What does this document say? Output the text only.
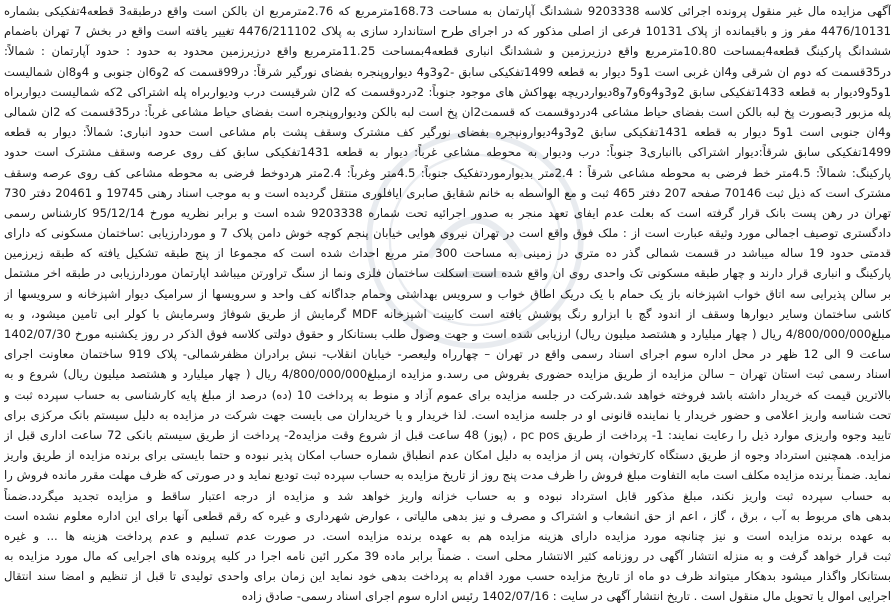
آگهی مزایده مال غیر منقول پرونده اجرائی کلاسه 9203338 ششدانگ آپارتمان به مساحت 168.73مترمربع که 2.76مترمربع ان بالکن است واقع درطبقه3 قطعه4تفکیکی بشماره
4476/10131 مفر وز و باقیمانده از پلاک 10131 فرعی از اصلی مذکور که در اجرای طرح استاندارد سازی به پلاک 4476/211102 تغییر یافته است واقع در بخش 7 تهران باضمام
ششدانگ پارکینگ قطعه4بمساحت 10.80مترمربع واقع درزیرزمین و ششدانگ انباری قطعه4بمساحت 11.25مترمربع واقع درزیرزمین محدود به حدود : حدود آپارتمان : شمالاً:
در35قسمت که دوم ان شرقی و4ان غربی است 1و5 دیوار به قطعه 1499تفکیکی سابق -2و3و4 دیواروپنجره بفضای نورگیر شرقاً: در99قسمت که 2و6ان جنوبی و 4و8ان شمالیست
1و5و9دیوار به قطعه 1433تفکیکی سابق 2و3و4و6و7و8دیواردریچه بهواکش های موجود جنوباً: 2دردوقسمت که 2ان شرقیست درب ودیواربراه پله اشتراکی 2که شمالیست دیواربراه
پله مزبور 3بصورت پخ لبه بالکن است بفضای حیاط مشاعی 4دردوقسمت که قسمت2ان پخ است لبه بالکن ودیواروپنجره است بفضای حیاط مشاعی غرباً: در35قسمت که 2ان شمالی
و4ان جنوبی است 1و5 دیوار به قطعه 1431تفکیکی سابق 2و3و4دیوارونپجره بفضای نورگیر کف مشترک وسقف پشت بام مشاعی است حدود انباری: شمالاً: دیوار به قطعه
1499تفکیکی سابق شرقاً:دیوار اشتراکی باانباری3 جنوباً: درب ودیوار به محوطه مشاعی غرباً: دیوار به قطعه 1431تفکیکی سابق کف روی عرصه وسقف مشترک است حدود
پارکینگ: شمالاً: 4.5متر خط فرضی به محوطه مشاعی شرقاً : 2.4متر بدیوارموردتفکیک جنوباً: 4.5متر وغرباً: 2.4متر هردوخط فرضی به محوطه مشاعی کف روی عرصه وسقف
مشترک است که ذیل ثبت 70146 صفحه 207 دفتر 465 ثبت و مع الواسطه به خانم شقایق صابری ایافلوری منتقل گردیده است و به موجب اسناد رهنی 19745 و 20461 دفتر 730
تهران در رهن پست بانک قرار گرفته است که بعلت عدم ایفای تعهد منجر به صدور اجرائیه تحت شماره 9203338 شده است و برابر نظریه مورخ 95/12/14 کارشناس رسمی
دادگستری توصیف اجمالی مورد وثیقه عبارت است از : ملک فوق واقع است در تهران نیروی هوایی خیابان پنجم کوچه خوش دامن پلاک 7 و موردارزیابی :ساختمان مسکونی که دارای
قدمتی حدود 19 ساله میباشد در قسمت شمالی گذر ده متری در زمینی به مساحت 300 متر مربع احداث شده است که مجموعا از پنج طبقه تشکیل یافته که طبقه زیرزمین
پارکینگ و انباری قرار دارند و چهار طبقه مسکونی تک واحدی روی ان واقع شده است اسکلت ساختمان فلزی ونما از سنگ تراورتن میباشد اپارتمان موردارزیابی در طبقه اخر مشتمل
بر سالن پذیرایی سه اتاق خواب اشپزخانه باز یک حمام با یک دریک اطاق خواب و سرویس بهداشتی وحمام جداگانه کف واحد و سرویسها از سرامیک دیوار اشپزخانه و سرویسها از
کاشی ساختمان وسایر دیوارها وسقف از اندود گچ با ابزارو رنگ پوشش یافته است کابینت اشپزخانه MDF گرمایش از طریق شوفاژ وسرمایش با کولر ابی تامین میشود، و به
مبلغ4/800/000/000 ریال ( چهار میلیارد و هشتصد میلیون ریال) ارزیابی شده است و جهت وصول طلب بستانکار و حقوق دولتی کلاسه فوق الذکر در روز یکشنبه مورخ 1402/07/30
ساعت 9 الی 12 ظهر در محل اداره سوم اجرای اسناد رسمی واقع در تهران – چهارراه ولیعصر- خیابان انقلاب- نبش برادران مظفرشمالی- پلاک 919 ساختمان معاونت اجرای
اسناد رسمی ثبت استان تهران – سالن مزایده از طریق مزایده حضوری بفروش می رسد.و مزایده ازمبلغ4/800/000/000 ریال ( چهار میلیارد و هشتصد میلیون ریال) شروع و به
بالاترین قیمت که خریدار داشته باشد فروخته خواهد شد.شرکت در جلسه مزایده برای عموم آزاد و منوط به پرداخت 10 (ده) درصد از مبلغ پایه کارشناسی به حساب سپرده ثبت و
تحت شناسه واریز اعلامی و حضور خریدار یا نماینده قانونی او در جلسه مزایده است. لذا خریدار و یا خریداران می بایست جهت شرکت در مزایده به دلیل سیستم بانک مرکزی برای
تایید وجوه واریزی موارد ذیل را رعایت نمایند: 1- پرداخت از طریق pc pos ، (پوز) 48 ساعت قبل از شروع وقت مزایده2- پرداخت از طریق سیستم بانکی 72 ساعت اداری قبل از
مزایده. همچنین استرداد وجوه از طریق دستگاه کارتخوان، پس از مزایده به دلیل امکان عدم انطباق شماره حساب امکان پذیر نبوده و حتما بایستی برای برنده مزایده از طریق واریز
نماید. ضمناً برنده مزایده مکلف است مابه التفاوت مبلغ فروش را ظرف مدت پنج روز از تاریخ مزایده به حساب سپرده ثبت تودیع نماید و در صورتی که ظرف مهلت مقرر مانده فروش را
به حساب سپرده ثبت واریز نکند، مبلغ مذکور قابل استرداد نبوده و به حساب خزانه واریز خواهد شد و مزایده از درجه اعتبار ساقط و مزایده تجدید میگردد.ضمناً
بدهی های مربوط به آب ، برق ، گاز ، اعم از حق انشعاب و اشتراک و مصرف و نیز بدهی مالیاتی ، عوارض شهرداری و غیره که رقم قطعی آنها برای این اداره معلوم نشده است
به عهده برنده مزایده است و نیز چنانچه مورد مزایده دارای هزینه مزایده هم به عهده برنده مزایده است. در صورت عدم تسلیم و عدم پرداخت هزینه ها ... و غیره
ثبت قرار خواهد گرفت و به منزله انتشار آگهی در روزنامه کثیر الانتشار محلی است . ضمناً برابر ماده 39 مکرر ائین نامه اجرا در کلیه پرونده های اجرایی که مال مورد مزایده به
بستانکار واگذار میشود بدهکار میتواند ظرف دو ماه از تاریخ مزایده حسب مورد اقدام به پرداخت بدهی خود نماید این زمان برای واحدی تولیدی تا قبل از تنظیم و امضا سند انتقال
اجرایی اموال یا تحویل مال منقول است . تاریخ انتشار آگهی در سایت : 1402/07/16 رئیس اداره سوم اجرای اسناد رسمی- صادق زاده
